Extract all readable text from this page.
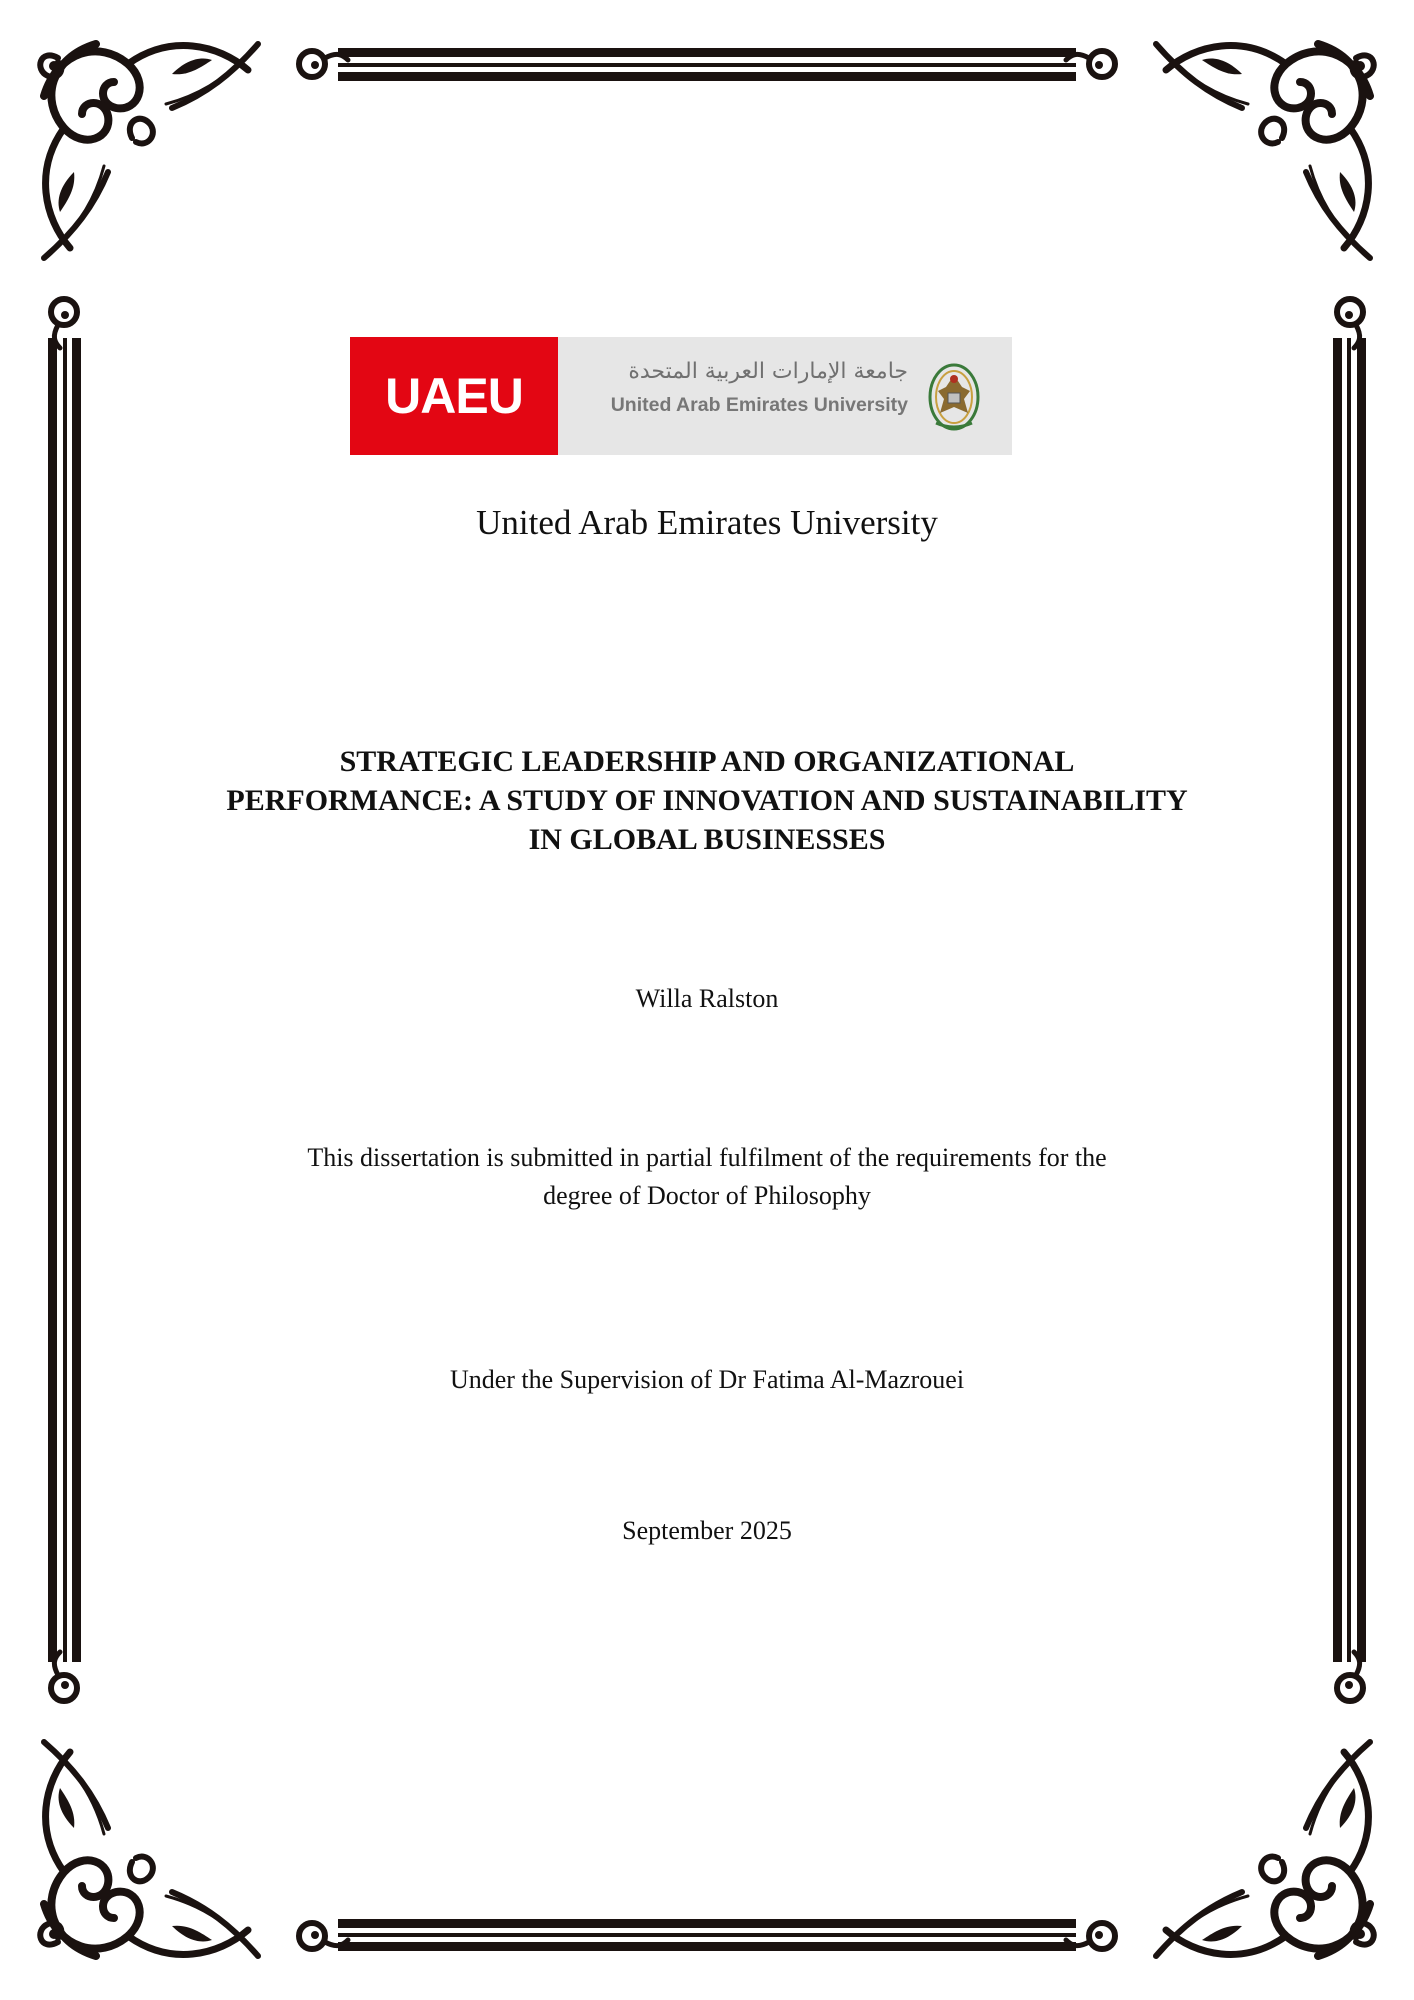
UAEU	جامعة الإمارات العربية المتحدة
United Arab Emirates University
United Arab Emirates University
STRATEGIC LEADERSHIP AND ORGANIZATIONAL
PERFORMANCE: A STUDY OF INNOVATION AND SUSTAINABILITY
IN GLOBAL BUSINESSES
Willa Ralston
This dissertation is submitted in partial fulfilment of the requirements for the
degree of Doctor of Philosophy
Under the Supervision of Dr Fatima Al-Mazrouei
September 2025
